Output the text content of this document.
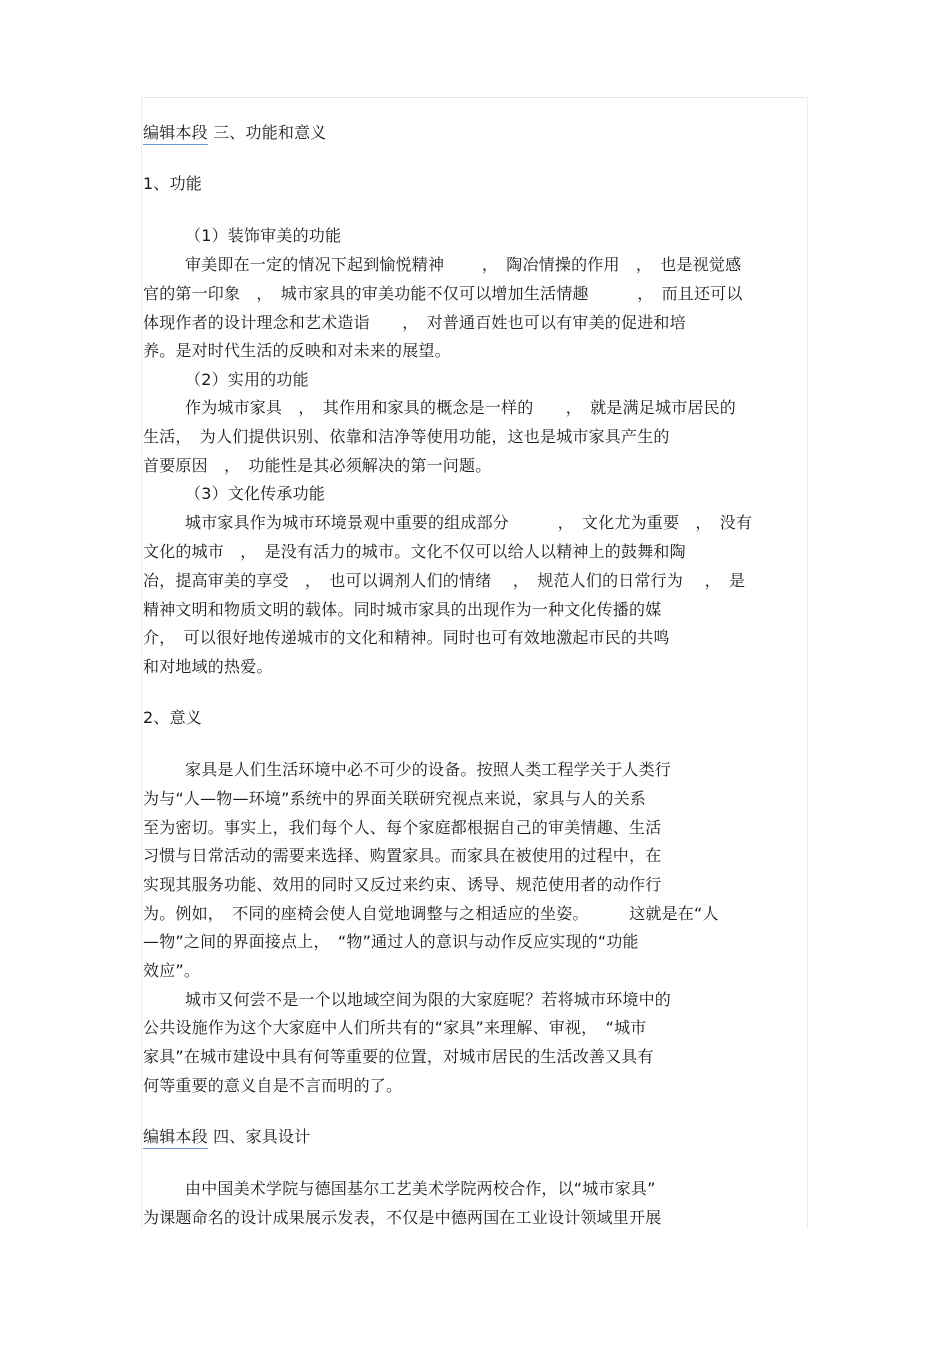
编辑本段 三、功能和意义
1、功能
（1）装饰审美的功能
审美即在一定的情况下起到愉悦精神　　 ，　陶冶情操的作用　，　也是视觉感
官的第一印象　，　城市家具的审美功能不仅可以增加生活情趣　　　，　而且还可以
体现作者的设计理念和艺术造诣　　，　对普通百姓也可以有审美的促进和培
养。是对时代生活的反映和对未来的展望。
（2）实用的功能
作为城市家具　，　其作用和家具的概念是一样的　　，　就是满足城市居民的
生活，　为人们提供识别、依靠和洁净等使用功能，这也是城市家具产生的
首要原因　，　功能性是其必须解决的第一问题。
（3）文化传承功能
城市家具作为城市环境景观中重要的组成部分　　　，　文化尤为重要　，　没有
文化的城市　，　是没有活力的城市。文化不仅可以给人以精神上的鼓舞和陶
冶，提高审美的享受　，　也可以调剂人们的情绪　 ，　规范人们的日常行为　 ，　是
精神文明和物质文明的载体。同时城市家具的出现作为一种文化传播的媒
介，　可以很好地传递城市的文化和精神。同时也可有效地激起市民的共鸣
和对地域的热爱。
2、意义
家具是人们生活环境中必不可少的设备。按照人类工程学关于人类行
为与“人—物—环境”系统中的界面关联研究视点来说，家具与人的关系
至为密切。事实上，我们每个人、每个家庭都根据自己的审美情趣、生活
习惯与日常活动的需要来选择、购置家具。而家具在被使用的过程中，在
实现其服务功能、效用的同时又反过来约束、诱导、规范使用者的动作行
为。例如，　不同的座椅会使人自觉地调整与之相适应的坐姿。　　　这就是在“人
—物”之间的界面接点上，　“物”通过人的意识与动作反应实现的“功能
效应”。
城市又何尝不是一个以地域空间为限的大家庭呢？若将城市环境中的
公共设施作为这个大家庭中人们所共有的“家具”来理解、审视，　“城市
家具”在城市建设中具有何等重要的位置，对城市居民的生活改善又具有
何等重要的意义自是不言而明的了。
编辑本段 四、家具设计
由中国美术学院与德国基尔工艺美术学院两校合作，以“城市家具”
为课题命名的设计成果展示发表，不仅是中德两国在工业设计领域里开展
